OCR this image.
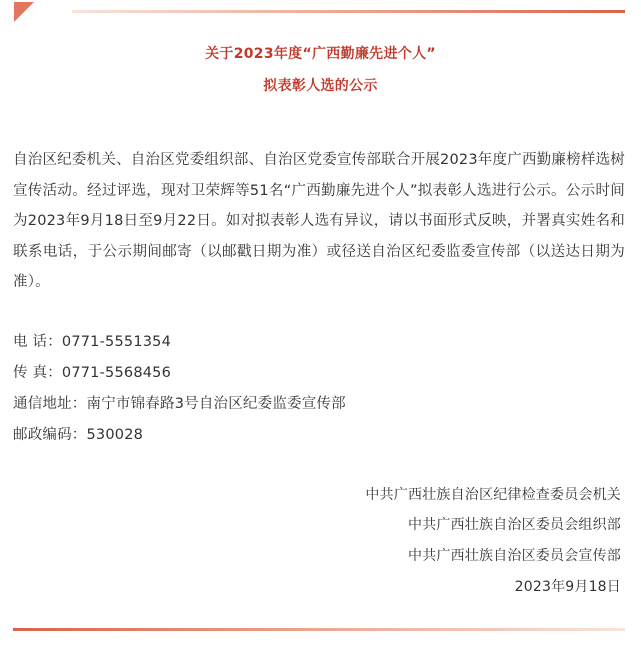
关于2023年度“广西勤廉先进个人”
拟表彰人选的公示
自治区纪委机关、自治区党委组织部、自治区党委宣传部联合开展2023年度广西勤廉榜样选树宣传活动。经过评选，现对卫荣辉等51名“广西勤廉先进个人”拟表彰人选进行公示。公示时间为2023年9月18日至9月22日。如对拟表彰人选有异议，请以书面形式反映，并署真实姓名和联系电话，于公示期间邮寄（以邮戳日期为准）或径送自治区纪委监委宣传部（以送达日期为准）。
电 话：0771-5551354
传 真：0771-5568456
通信地址：南宁市锦春路3号自治区纪委监委宣传部
邮政编码：530028
中共广西壮族自治区纪律检查委员会机关
中共广西壮族自治区委员会组织部
中共广西壮族自治区委员会宣传部
2023年9月18日
